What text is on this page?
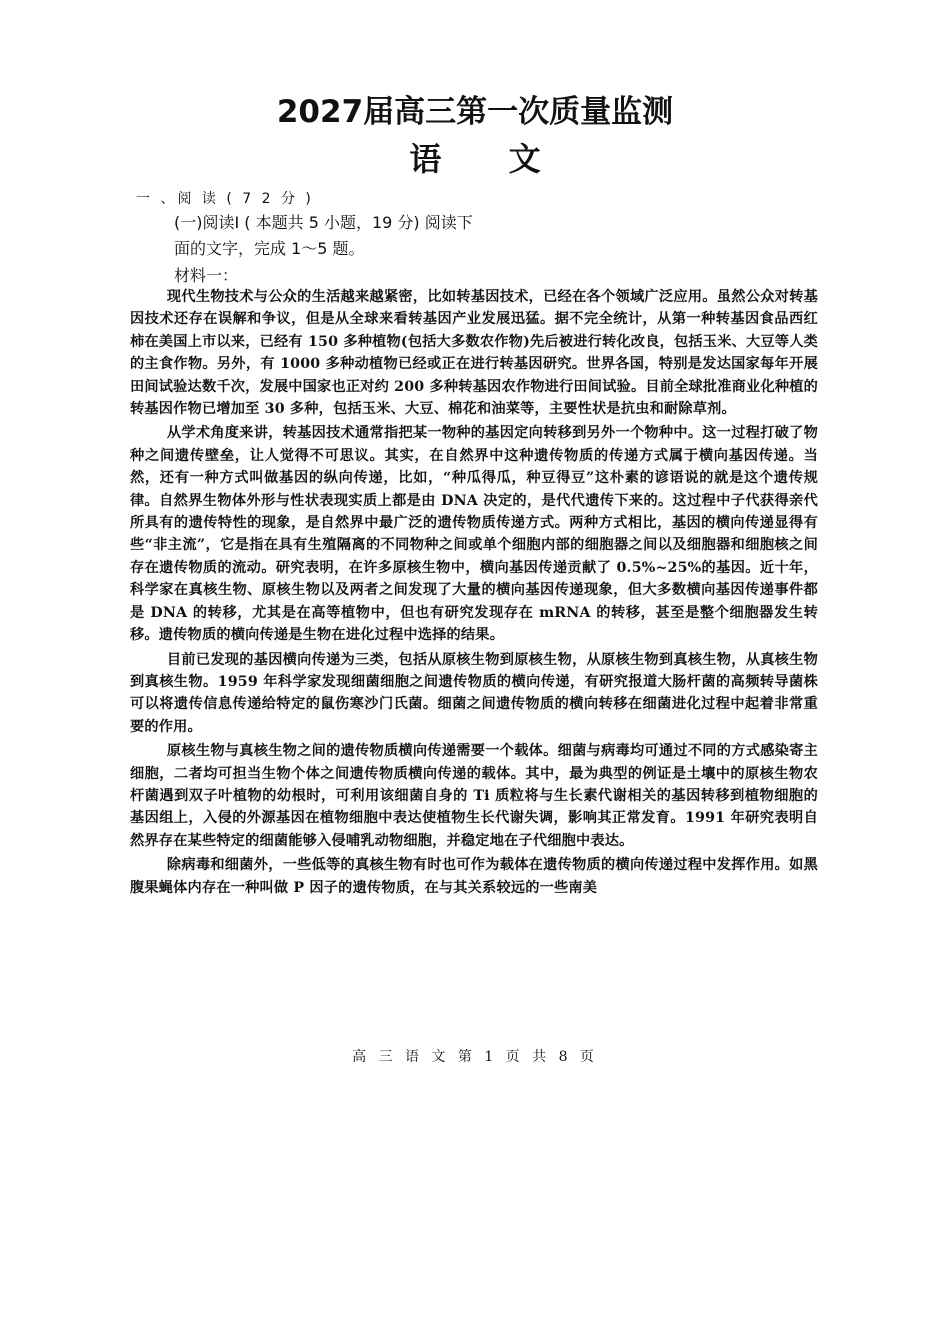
2027届高三第一次质量监测
语 文
一 、阅 读 ( 7 2 分 )
(一)阅读Ⅰ ( 本题共 5 小题，19 分) 阅读下面的文字，完成 1～5 题。
材料一：

现代生物技术与公众的生活越来越紧密，比如转基因技术，已经在各个领域广泛应用。虽然公众对转基因技术还存在误解和争议，但是从全球来看转基因产业发展迅猛。据不完全统计，从第一种转基因食品西红柿在美国上市以来，已经有 150 多种植物(包括大多数农作物)先后被进行转化改良，包括玉米、大豆等人类的主食作物。另外，有 1000 多种动植物已经或正在进行转基因研究。世界各国，特别是发达国家每年开展田间试验达数千次，发展中国家也正对约 200 多种转基因农作物进行田间试验。目前全球批准商业化种植的转基因作物已增加至 30 多种，包括玉米、大豆、棉花和油菜等，主要性状是抗虫和耐除草剂。

从学术角度来讲，转基因技术通常指把某一物种的基因定向转移到另外一个物种中。这一过程打破了物种之间遗传壁垒，让人觉得不可思议。其实，在自然界中这种遗传物质的传递方式属于横向基因传递。当然，还有一种方式叫做基因的纵向传递，比如，“种瓜得瓜，种豆得豆”这朴素的谚语说的就是这个遗传规律。自然界生物体外形与性状表现实质上都是由 DNA 决定的，是代代遗传下来的。这过程中子代获得亲代所具有的遗传特性的现象，是自然界中最广泛的遗传物质传递方式。两种方式相比，基因的横向传递显得有些“非主流”，它是指在具有生殖隔离的不同物种之间或单个细胞内部的细胞器之间以及细胞器和细胞核之间存在遗传物质的流动。研究表明，在许多原核生物中，横向基因传递贡献了 0.5%~25%的基因。近十年，科学家在真核生物、原核生物以及两者之间发现了大量的横向基因传递现象，但大多数横向基因传递事件都是 DNA 的转移，尤其是在高等植物中，但也有研究发现存在 mRNA 的转移，甚至是整个细胞器发生转移。遗传物质的横向传递是生物在进化过程中选择的结果。

目前已发现的基因横向传递为三类，包括从原核生物到原核生物，从原核生物到真核生物，从真核生物到真核生物。1959 年科学家发现细菌细胞之间遗传物质的横向传递，有研究报道大肠杆菌的高频转导菌株可以将遗传信息传递给特定的鼠伤寒沙门氏菌。细菌之间遗传物质的横向转移在细菌进化过程中起着非常重要的作用。

原核生物与真核生物之间的遗传物质横向传递需要一个载体。细菌与病毒均可通过不同的方式感染寄主细胞，二者均可担当生物个体之间遗传物质横向传递的载体。其中，最为典型的例证是土壤中的原核生物农杆菌遇到双子叶植物的幼根时，可利用该细菌自身的 Ti 质粒将与生长素代谢相关的基因转移到植物细胞的基因组上，入侵的外源基因在植物细胞中表达使植物生长代谢失调，影响其正常发育。1991 年研究表明自然界存在某些特定的细菌能够入侵哺乳动物细胞，并稳定地在子代细胞中表达。

除病毒和细菌外，一些低等的真核生物有时也可作为载体在遗传物质的横向传递过程中发挥作用。如黑腹果蝇体内存在一种叫做 P 因子的遗传物质，在与其关系较远的一些南美

高 三 语 文 第 1 页 共 8 页
